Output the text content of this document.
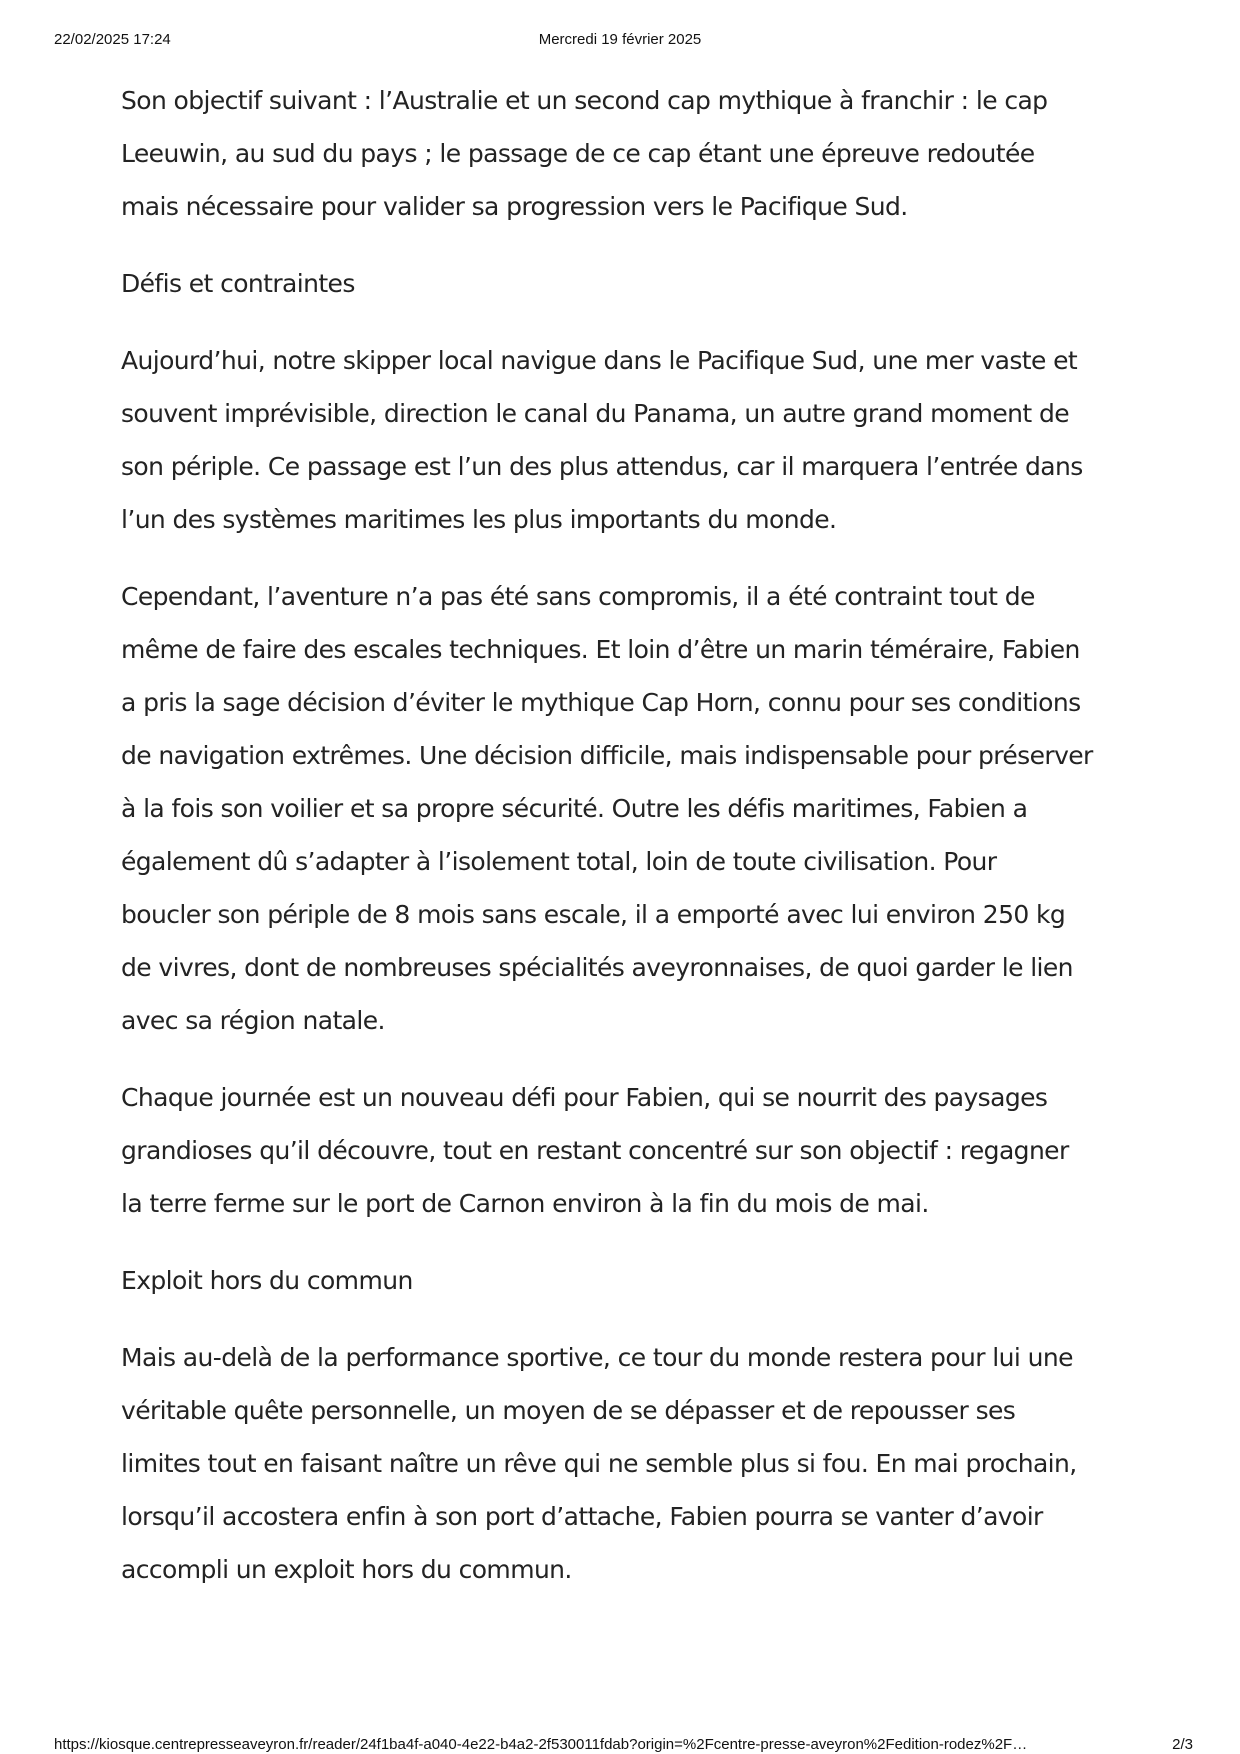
22/02/2025 17:24	Mercredi 19 février 2025

Son objectif suivant : l’Australie et un second cap mythique à franchir : le cap
Leeuwin, au sud du pays ; le passage de ce cap étant une épreuve redoutée
mais nécessaire pour valider sa progression vers le Pacifique Sud.

Défis et contraintes

Aujourd’hui, notre skipper local navigue dans le Pacifique Sud, une mer vaste et
souvent imprévisible, direction le canal du Panama, un autre grand moment de
son périple. Ce passage est l’un des plus attendus, car il marquera l’entrée dans
l’un des systèmes maritimes les plus importants du monde.

Cependant, l’aventure n’a pas été sans compromis, il a été contraint tout de
même de faire des escales techniques. Et loin d’être un marin téméraire, Fabien
a pris la sage décision d’éviter le mythique Cap Horn, connu pour ses conditions
de navigation extrêmes. Une décision difficile, mais indispensable pour préserver
à la fois son voilier et sa propre sécurité. Outre les défis maritimes, Fabien a
également dû s’adapter à l’isolement total, loin de toute civilisation. Pour
boucler son périple de 8 mois sans escale, il a emporté avec lui environ 250 kg
de vivres, dont de nombreuses spécialités aveyronnaises, de quoi garder le lien
avec sa région natale.

Chaque journée est un nouveau défi pour Fabien, qui se nourrit des paysages
grandioses qu’il découvre, tout en restant concentré sur son objectif : regagner
la terre ferme sur le port de Carnon environ à la fin du mois de mai.

Exploit hors du commun

Mais au-delà de la performance sportive, ce tour du monde restera pour lui une
véritable quête personnelle, un moyen de se dépasser et de repousser ses
limites tout en faisant naître un rêve qui ne semble plus si fou. En mai prochain,
lorsqu’il accostera enfin à son port d’attache, Fabien pourra se vanter d’avoir
accompli un exploit hors du commun.

https://kiosque.centrepresseaveyron.fr/reader/24f1ba4f-a040-4e22-b4a2-2f530011fdab?origin=%2Fcentre-presse-aveyron%2Fedition-rodez%2F…	2/3
